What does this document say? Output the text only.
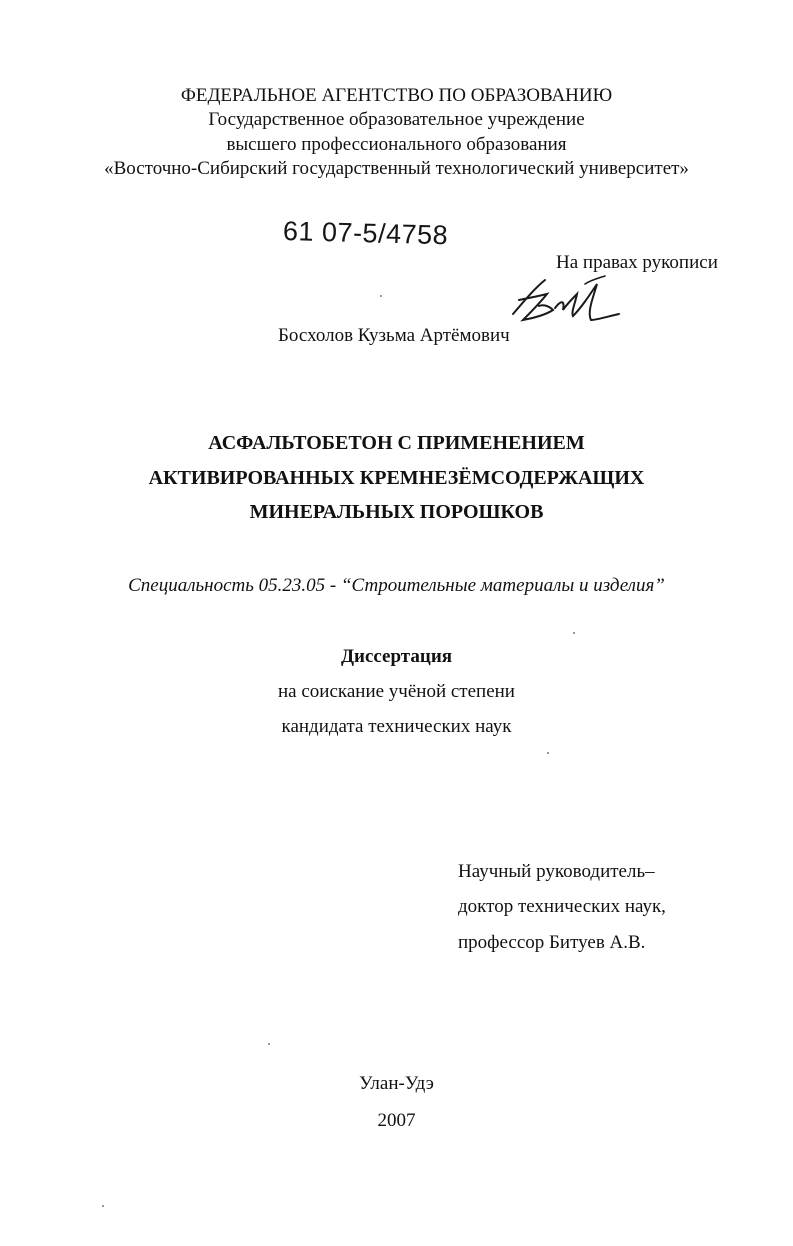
ФЕДЕРАЛЬНОЕ АГЕНТСТВО ПО ОБРАЗОВАНИЮ
Государственное образовательное учреждение
высшего профессионального образования
«Восточно-Сибирский государственный технологический университет»
61 07-5/4758
На правах рукописи
Босхолов Кузьма Артёмович
АСФАЛЬТОБЕТОН С ПРИМЕНЕНИЕМ
АКТИВИРОВАННЫХ КРЕМНЕЗЁМСОДЕРЖАЩИХ
МИНЕРАЛЬНЫХ ПОРОШКОВ
Специальность 05.23.05 - “Строительные материалы и изделия”
Диссертация
на соискание учёной степени
кандидата технических наук
Научный руководитель–
доктор технических наук,
профессор Битуев А.В.
Улан-Удэ
2007
